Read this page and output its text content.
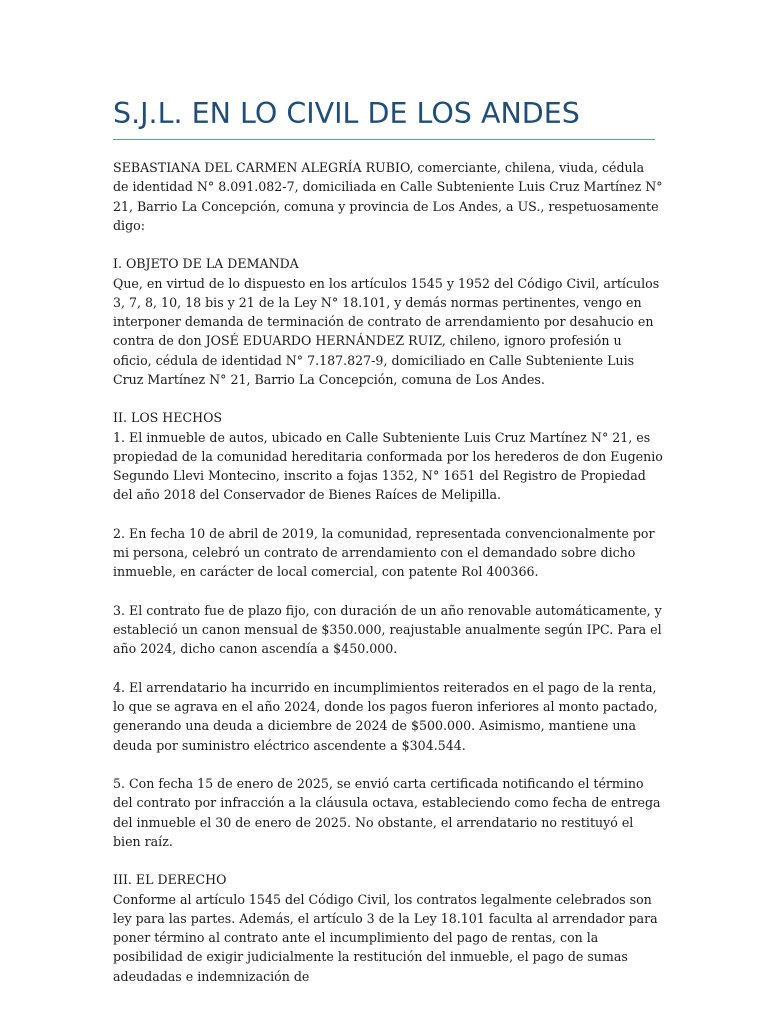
S.J.L. EN LO CIVIL DE LOS ANDES

SEBASTIANA DEL CARMEN ALEGRÍA RUBIO, comerciante, chilena, viuda, cédula de identidad N° 8.091.082-7, domiciliada en Calle Subteniente Luis Cruz Martínez N° 21, Barrio La Concepción, comuna y provincia de Los Andes, a US., respetuosamente digo:

I. OBJETO DE LA DEMANDA
Que, en virtud de lo dispuesto en los artículos 1545 y 1952 del Código Civil, artículos 3, 7, 8, 10, 18 bis y 21 de la Ley N° 18.101, y demás normas pertinentes, vengo en interponer demanda de terminación de contrato de arrendamiento por desahucio en contra de don JOSÉ EDUARDO HERNÁNDEZ RUIZ, chileno, ignoro profesión u oficio, cédula de identidad N° 7.187.827-9, domiciliado en Calle Subteniente Luis Cruz Martínez N° 21, Barrio La Concepción, comuna de Los Andes.

II. LOS HECHOS
1. El inmueble de autos, ubicado en Calle Subteniente Luis Cruz Martínez N° 21, es propiedad de la comunidad hereditaria conformada por los herederos de don Eugenio Segundo Llevi Montecino, inscrito a fojas 1352, N° 1651 del Registro de Propiedad del año 2018 del Conservador de Bienes Raíces de Melipilla.

2. En fecha 10 de abril de 2019, la comunidad, representada convencionalmente por mi persona, celebró un contrato de arrendamiento con el demandado sobre dicho inmueble, en carácter de local comercial, con patente Rol 400366.

3. El contrato fue de plazo fijo, con duración de un año renovable automáticamente, y estableció un canon mensual de $350.000, reajustable anualmente según IPC. Para el año 2024, dicho canon ascendía a $450.000.

4. El arrendatario ha incurrido en incumplimientos reiterados en el pago de la renta, lo que se agrava en el año 2024, donde los pagos fueron inferiores al monto pactado, generando una deuda a diciembre de 2024 de $500.000. Asimismo, mantiene una deuda por suministro eléctrico ascendente a $304.544.

5. Con fecha 15 de enero de 2025, se envió carta certificada notificando el término del contrato por infracción a la cláusula octava, estableciendo como fecha de entrega del inmueble el 30 de enero de 2025. No obstante, el arrendatario no restituyó el bien raíz.

III. EL DERECHO
Conforme al artículo 1545 del Código Civil, los contratos legalmente celebrados son ley para las partes. Además, el artículo 3 de la Ley 18.101 faculta al arrendador para poner término al contrato ante el incumplimiento del pago de rentas, con la posibilidad de exigir judicialmente la restitución del inmueble, el pago de sumas adeudadas e indemnización de
